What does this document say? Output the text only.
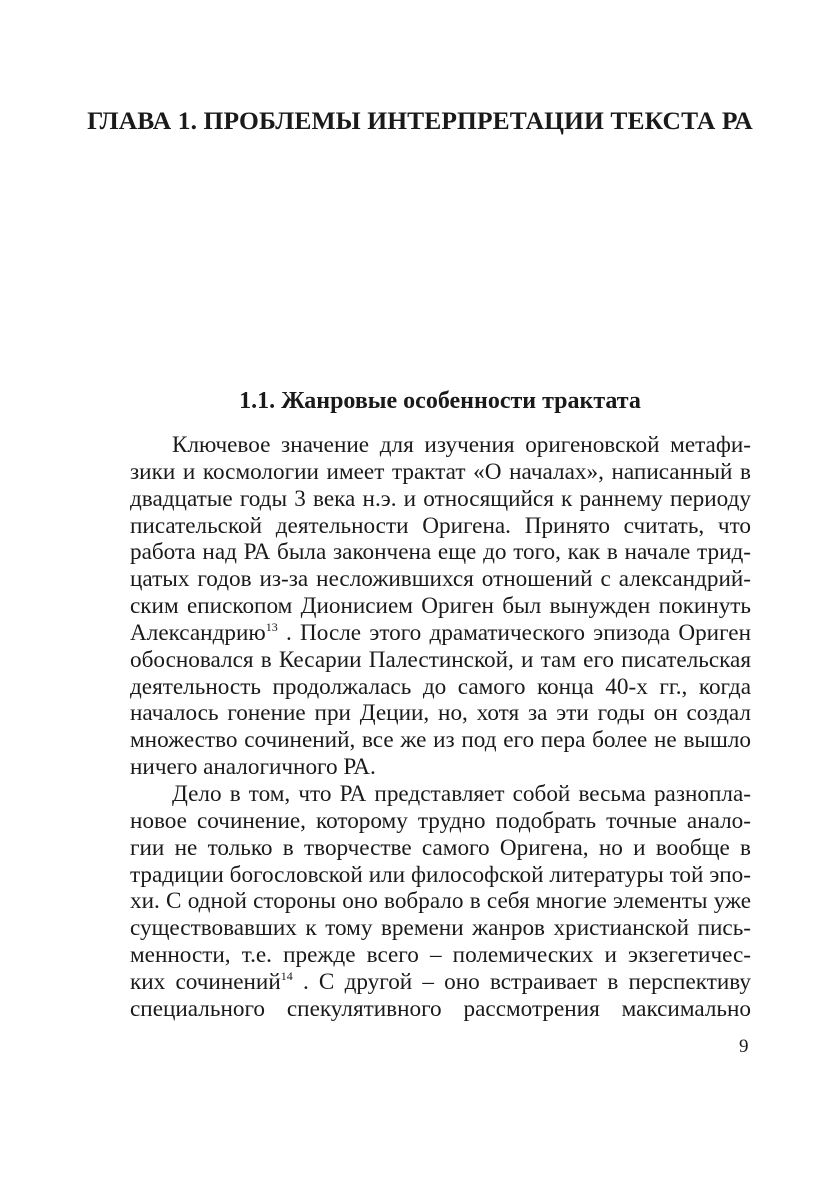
ГЛАВА 1. ПРОБЛЕМЫ ИНТЕРПРЕТАЦИИ ТЕКСТА РА
1.1. Жанровые особенности трактата
Ключевое значение для изучения оригеновской метафи-
зики и космологии имеет трактат «О началах», написанный в
двадцатые годы 3 века н.э. и относящийся к раннему периоду
писательской деятельности Оригена. Принято считать, что
работа над РА была закончена еще до того, как в начале трид-
цатых годов из-за несложившихся отношений с александрий-
ским епископом Дионисием Ориген был вынужден покинуть
Александрию$^{13}$ . После этого драматического эпизода Ориген
обосновался в Кесарии Палестинской, и там его писательская
деятельность продолжалась до самого конца 40-х гг., когда
началось гонение при Деции, но, хотя за эти годы он создал
множество сочинений, все же из под его пера более не вышло
ничего аналогичного РА.
Дело в том, что РА представляет собой весьма разнопла-
новое сочинение, которому трудно подобрать точные анало-
гии не только в творчестве самого Оригена, но и вообще в
традиции богословской или философской литературы той эпо-
хи. С одной стороны оно вобрало в себя многие элементы уже
существовавших к тому времени жанров христианской пись-
менности, т.е. прежде всего – полемических и экзегетичес-
ких сочинений$^{14}$ . С другой – оно встраивает в перспективу
специального спекулятивного рассмотрения максимально
9
